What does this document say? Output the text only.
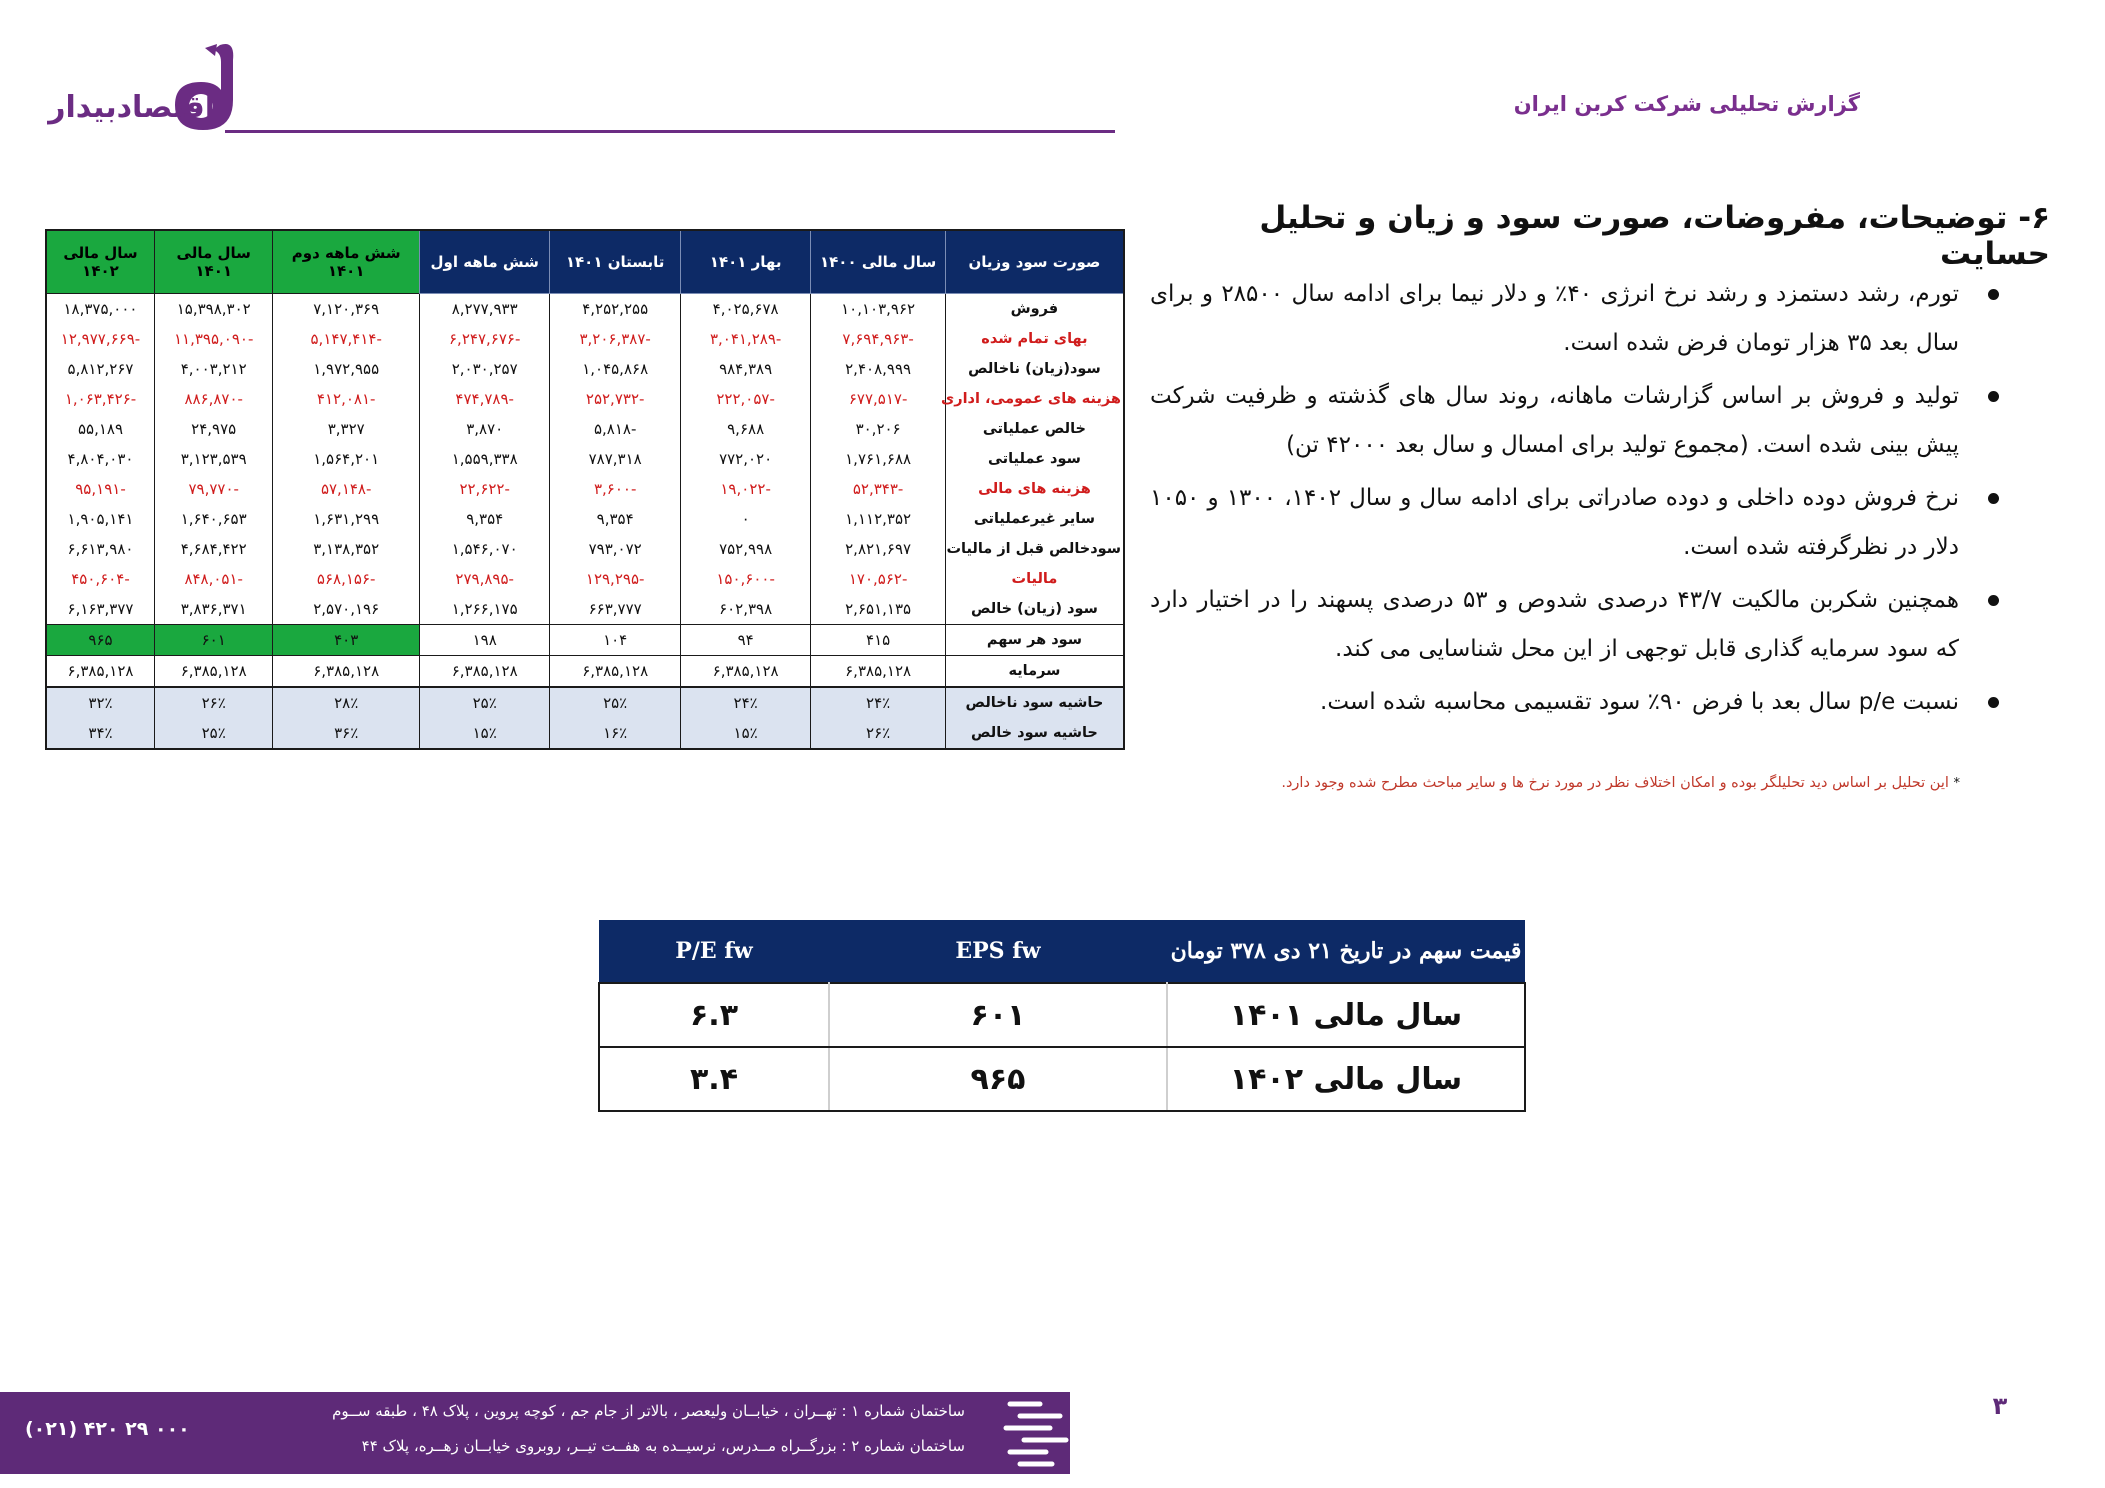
اقتصادبیدار	گزارش تحلیلی شرکت کربن ایران
صورت سود وزیان	سال مالی ۱۴۰۰	بهار ۱۴۰۱	تابستان ۱۴۰۱	شش ماهه اول	شش ماهه دوم ۱۴۰۱	سال مالی ۱۴۰۱	سال مالی ۱۴۰۲
فروش	۱۰,۱۰۳,۹۶۲	۴,۰۲۵,۶۷۸	۴,۲۵۲,۲۵۵	۸,۲۷۷,۹۳۳	۷,۱۲۰,۳۶۹	۱۵,۳۹۸,۳۰۲	۱۸,۳۷۵,۰۰۰
بهای تمام شده	-۷,۶۹۴,۹۶۳	-۳,۰۴۱,۲۸۹	-۳,۲۰۶,۳۸۷	-۶,۲۴۷,۶۷۶	-۵,۱۴۷,۴۱۴	-۱۱,۳۹۵,۰۹۰	-۱۲,۹۷۷,۶۶۹
سود(زیان) ناخالص	۲,۴۰۸,۹۹۹	۹۸۴,۳۸۹	۱,۰۴۵,۸۶۸	۲,۰۳۰,۲۵۷	۱,۹۷۲,۹۵۵	۴,۰۰۳,۲۱۲	۵,۸۱۲,۲۶۷
هزینه های عمومی، اداری	-۶۷۷,۵۱۷	-۲۲۲,۰۵۷	-۲۵۲,۷۳۲	-۴۷۴,۷۸۹	-۴۱۲,۰۸۱	-۸۸۶,۸۷۰	-۱,۰۶۳,۴۲۶
خالص عملیاتی	۳۰,۲۰۶	۹,۶۸۸	-۵,۸۱۸	۳,۸۷۰	۳,۳۲۷	۲۴,۹۷۵	۵۵,۱۸۹
سود عملیاتی	۱,۷۶۱,۶۸۸	۷۷۲,۰۲۰	۷۸۷,۳۱۸	۱,۵۵۹,۳۳۸	۱,۵۶۴,۲۰۱	۳,۱۲۳,۵۳۹	۴,۸۰۴,۰۳۰
هزینه های مالی	-۵۲,۳۴۳	-۱۹,۰۲۲	-۳,۶۰۰	-۲۲,۶۲۲	-۵۷,۱۴۸	-۷۹,۷۷۰	-۹۵,۱۹۱
سایر غیرعملیاتی	۱,۱۱۲,۳۵۲	۰	۹,۳۵۴	۹,۳۵۴	۱,۶۳۱,۲۹۹	۱,۶۴۰,۶۵۳	۱,۹۰۵,۱۴۱
سودخالص قبل از مالیات	۲,۸۲۱,۶۹۷	۷۵۲,۹۹۸	۷۹۳,۰۷۲	۱,۵۴۶,۰۷۰	۳,۱۳۸,۳۵۲	۴,۶۸۴,۴۲۲	۶,۶۱۳,۹۸۰
مالیات	-۱۷۰,۵۶۲	-۱۵۰,۶۰۰	-۱۲۹,۲۹۵	-۲۷۹,۸۹۵	-۵۶۸,۱۵۶	-۸۴۸,۰۵۱	-۴۵۰,۶۰۴
سود (زیان) خالص	۲,۶۵۱,۱۳۵	۶۰۲,۳۹۸	۶۶۳,۷۷۷	۱,۲۶۶,۱۷۵	۲,۵۷۰,۱۹۶	۳,۸۳۶,۳۷۱	۶,۱۶۳,۳۷۷
سود هر سهم	۴۱۵	۹۴	۱۰۴	۱۹۸	۴۰۳	۶۰۱	۹۶۵
سرمایه	۶,۳۸۵,۱۲۸	۶,۳۸۵,۱۲۸	۶,۳۸۵,۱۲۸	۶,۳۸۵,۱۲۸	۶,۳۸۵,۱۲۸	۶,۳۸۵,۱۲۸	۶,۳۸۵,۱۲۸
حاشیه سود ناخالص	۲۴٪	۲۴٪	۲۵٪	۲۵٪	۲۸٪	۲۶٪	۳۲٪
حاشیه سود خالص	۲۶٪	۱۵٪	۱۶٪	۱۵٪	۳۶٪	۲۵٪	۳۴٪
۶- توضیحات، مفروضات، صورت سود و زیان و تحلیل حسایت
تورم، رشد دستمزد و رشد نرخ انرژی ۴۰٪ و دلار نیما برای ادامه سال ۲۸۵۰۰ و برای سال بعد ۳۵ هزار تومان فرض شده است.
تولید و فروش بر اساس گزارشات ماهانه، روند سال های گذشته و ظرفیت شرکت پیش بینی شده است. (مجموع تولید برای امسال و سال بعد ۴۲۰۰۰ تن)
نرخ فروش دوده داخلی و دوده صادراتی برای ادامه سال و سال ۱۴۰۲، ۱۳۰۰ و ۱۰۵۰ دلار در نظرگرفته شده است.
همچنین شکربن مالکیت ۴۳/۷ درصدی شدوص و ۵۳ درصدی پسهند را در اختیار دارد که سود سرمایه گذاری قابل توجهی از این محل شناسایی می کند.
نسبت p/e سال بعد با فرض ۹۰٪ سود تقسیمی محاسبه شده است.
* این تحلیل بر اساس دید تحلیلگر بوده و امکان اختلاف نظر در مورد نرخ ها و سایر مباحث مطرح شده وجود دارد.
قیمت سهم در تاریخ ۲۱ دی ۳۷۸ تومان	EPS fw	P/E fw
سال مالی ۱۴۰۱	۶۰۱	۶.۳
سال مالی ۱۴۰۲	۹۶۵	۳.۴
ساختمان شماره ۱ : تهــران ، خیابــان ولیعصر ، بالاتر از جام جم ، کوچه پروین ، پلاک ۴۸ ، طبقه ســوم
ساختمان شماره ۲ : بزرگــراه مــدرس، نرسیــده به هفــت تیــر، روبروی خیابــان زهــره، پلاک ۴۴
(۰۲۱) ۴۲۰ ۲۹ ۰۰۰
۳
